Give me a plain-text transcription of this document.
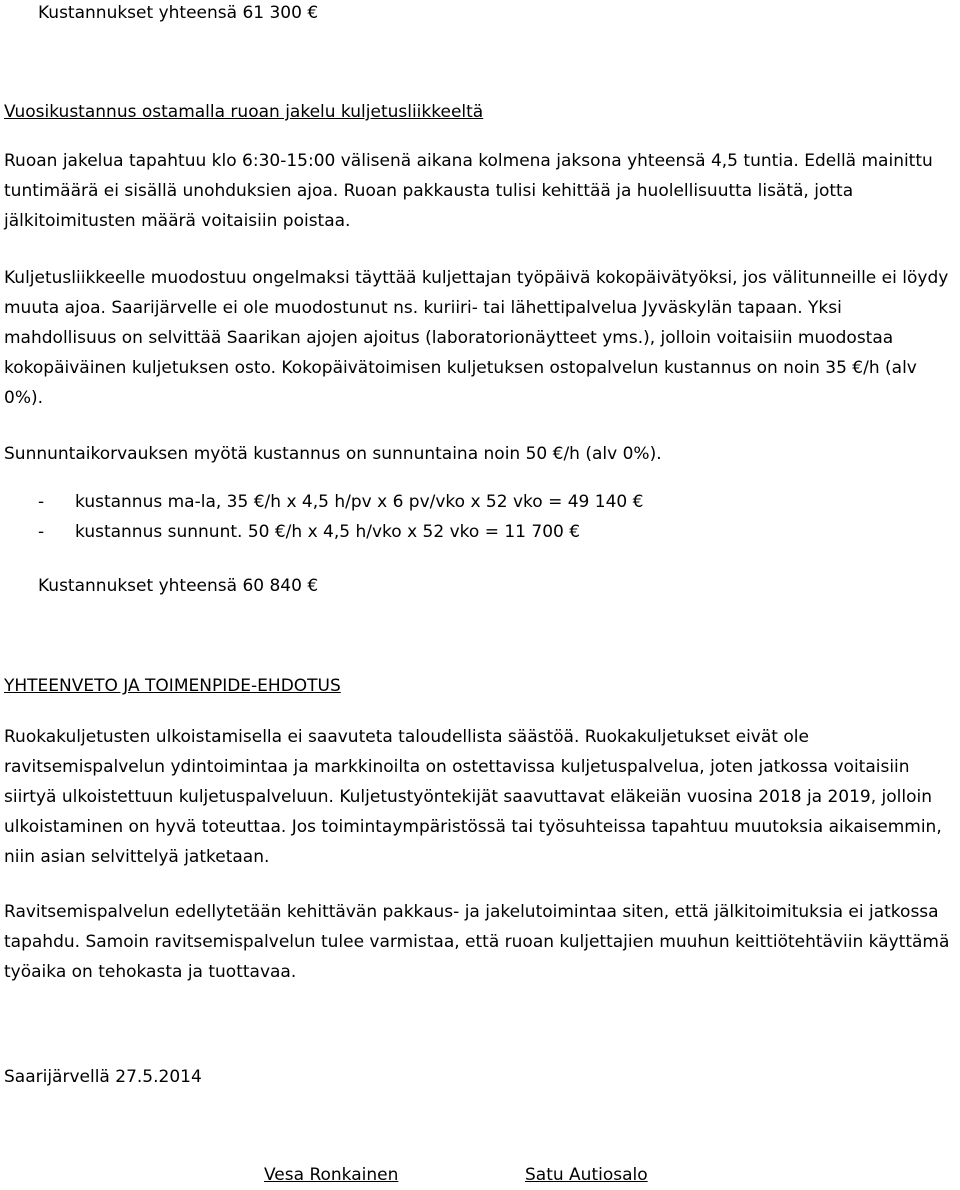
Kustannukset yhteensä 61 300 €

Vuosikustannus ostamalla ruoan jakelu kuljetusliikkeeltä

Ruoan jakelua tapahtuu klo 6:30-15:00 välisenä aikana kolmena jaksona yhteensä 4,5 tuntia. Edellä mainittu tuntimäärä ei sisällä unohduksien ajoa. Ruoan pakkausta tulisi kehittää ja huolellisuutta lisätä, jotta jälkitoimitusten määrä voitaisiin poistaa.

Kuljetusliikkeelle muodostuu ongelmaksi täyttää kuljettajan työpäivä kokopäivätyöksi, jos välitunneille ei löydy muuta ajoa. Saarijärvelle ei ole muodostunut ns. kuriiri- tai lähettipalvelua Jyväskylän tapaan. Yksi mahdollisuus on selvittää Saarikan ajojen ajoitus (laboratorionäytteet yms.), jolloin voitaisiin muodostaa kokopäiväinen kuljetuksen osto. Kokopäivätoimisen kuljetuksen ostopalvelun kustannus on noin 35 €/h (alv 0%).

Sunnuntaikorvauksen myötä kustannus on sunnuntaina noin 50 €/h (alv 0%).

- kustannus ma-la, 35 €/h x 4,5 h/pv x 6 pv/vko x 52 vko = 49 140 €
- kustannus sunnunt. 50 €/h x 4,5 h/vko x 52 vko = 11 700 €

Kustannukset yhteensä 60 840 €

YHTEENVETO JA TOIMENPIDE-EHDOTUS

Ruokakuljetusten ulkoistamisella ei saavuteta taloudellista säästöä. Ruokakuljetukset eivät ole ravitsemispalvelun ydintoimintaa ja markkinoilta on ostettavissa kuljetuspalvelua, joten jatkossa voitaisiin siirtyä ulkoistettuun kuljetuspalveluun. Kuljetustyöntekijät saavuttavat eläkeiän vuosina 2018 ja 2019, jolloin ulkoistaminen on hyvä toteuttaa. Jos toimintaympäristössä tai työsuhteissa tapahtuu muutoksia aikaisemmin, niin asian selvittelyä jatketaan.

Ravitsemispalvelun edellytetään kehittävän pakkaus- ja jakelutoimintaa siten, että jälkitoimituksia ei jatkossa tapahdu. Samoin ravitsemispalvelun tulee varmistaa, että ruoan kuljettajien muuhun keittiötehtäviin käyttämä työaika on tehokasta ja tuottavaa.

Saarijärvellä 27.5.2014

Vesa Ronkainen	Satu Autiosalo
